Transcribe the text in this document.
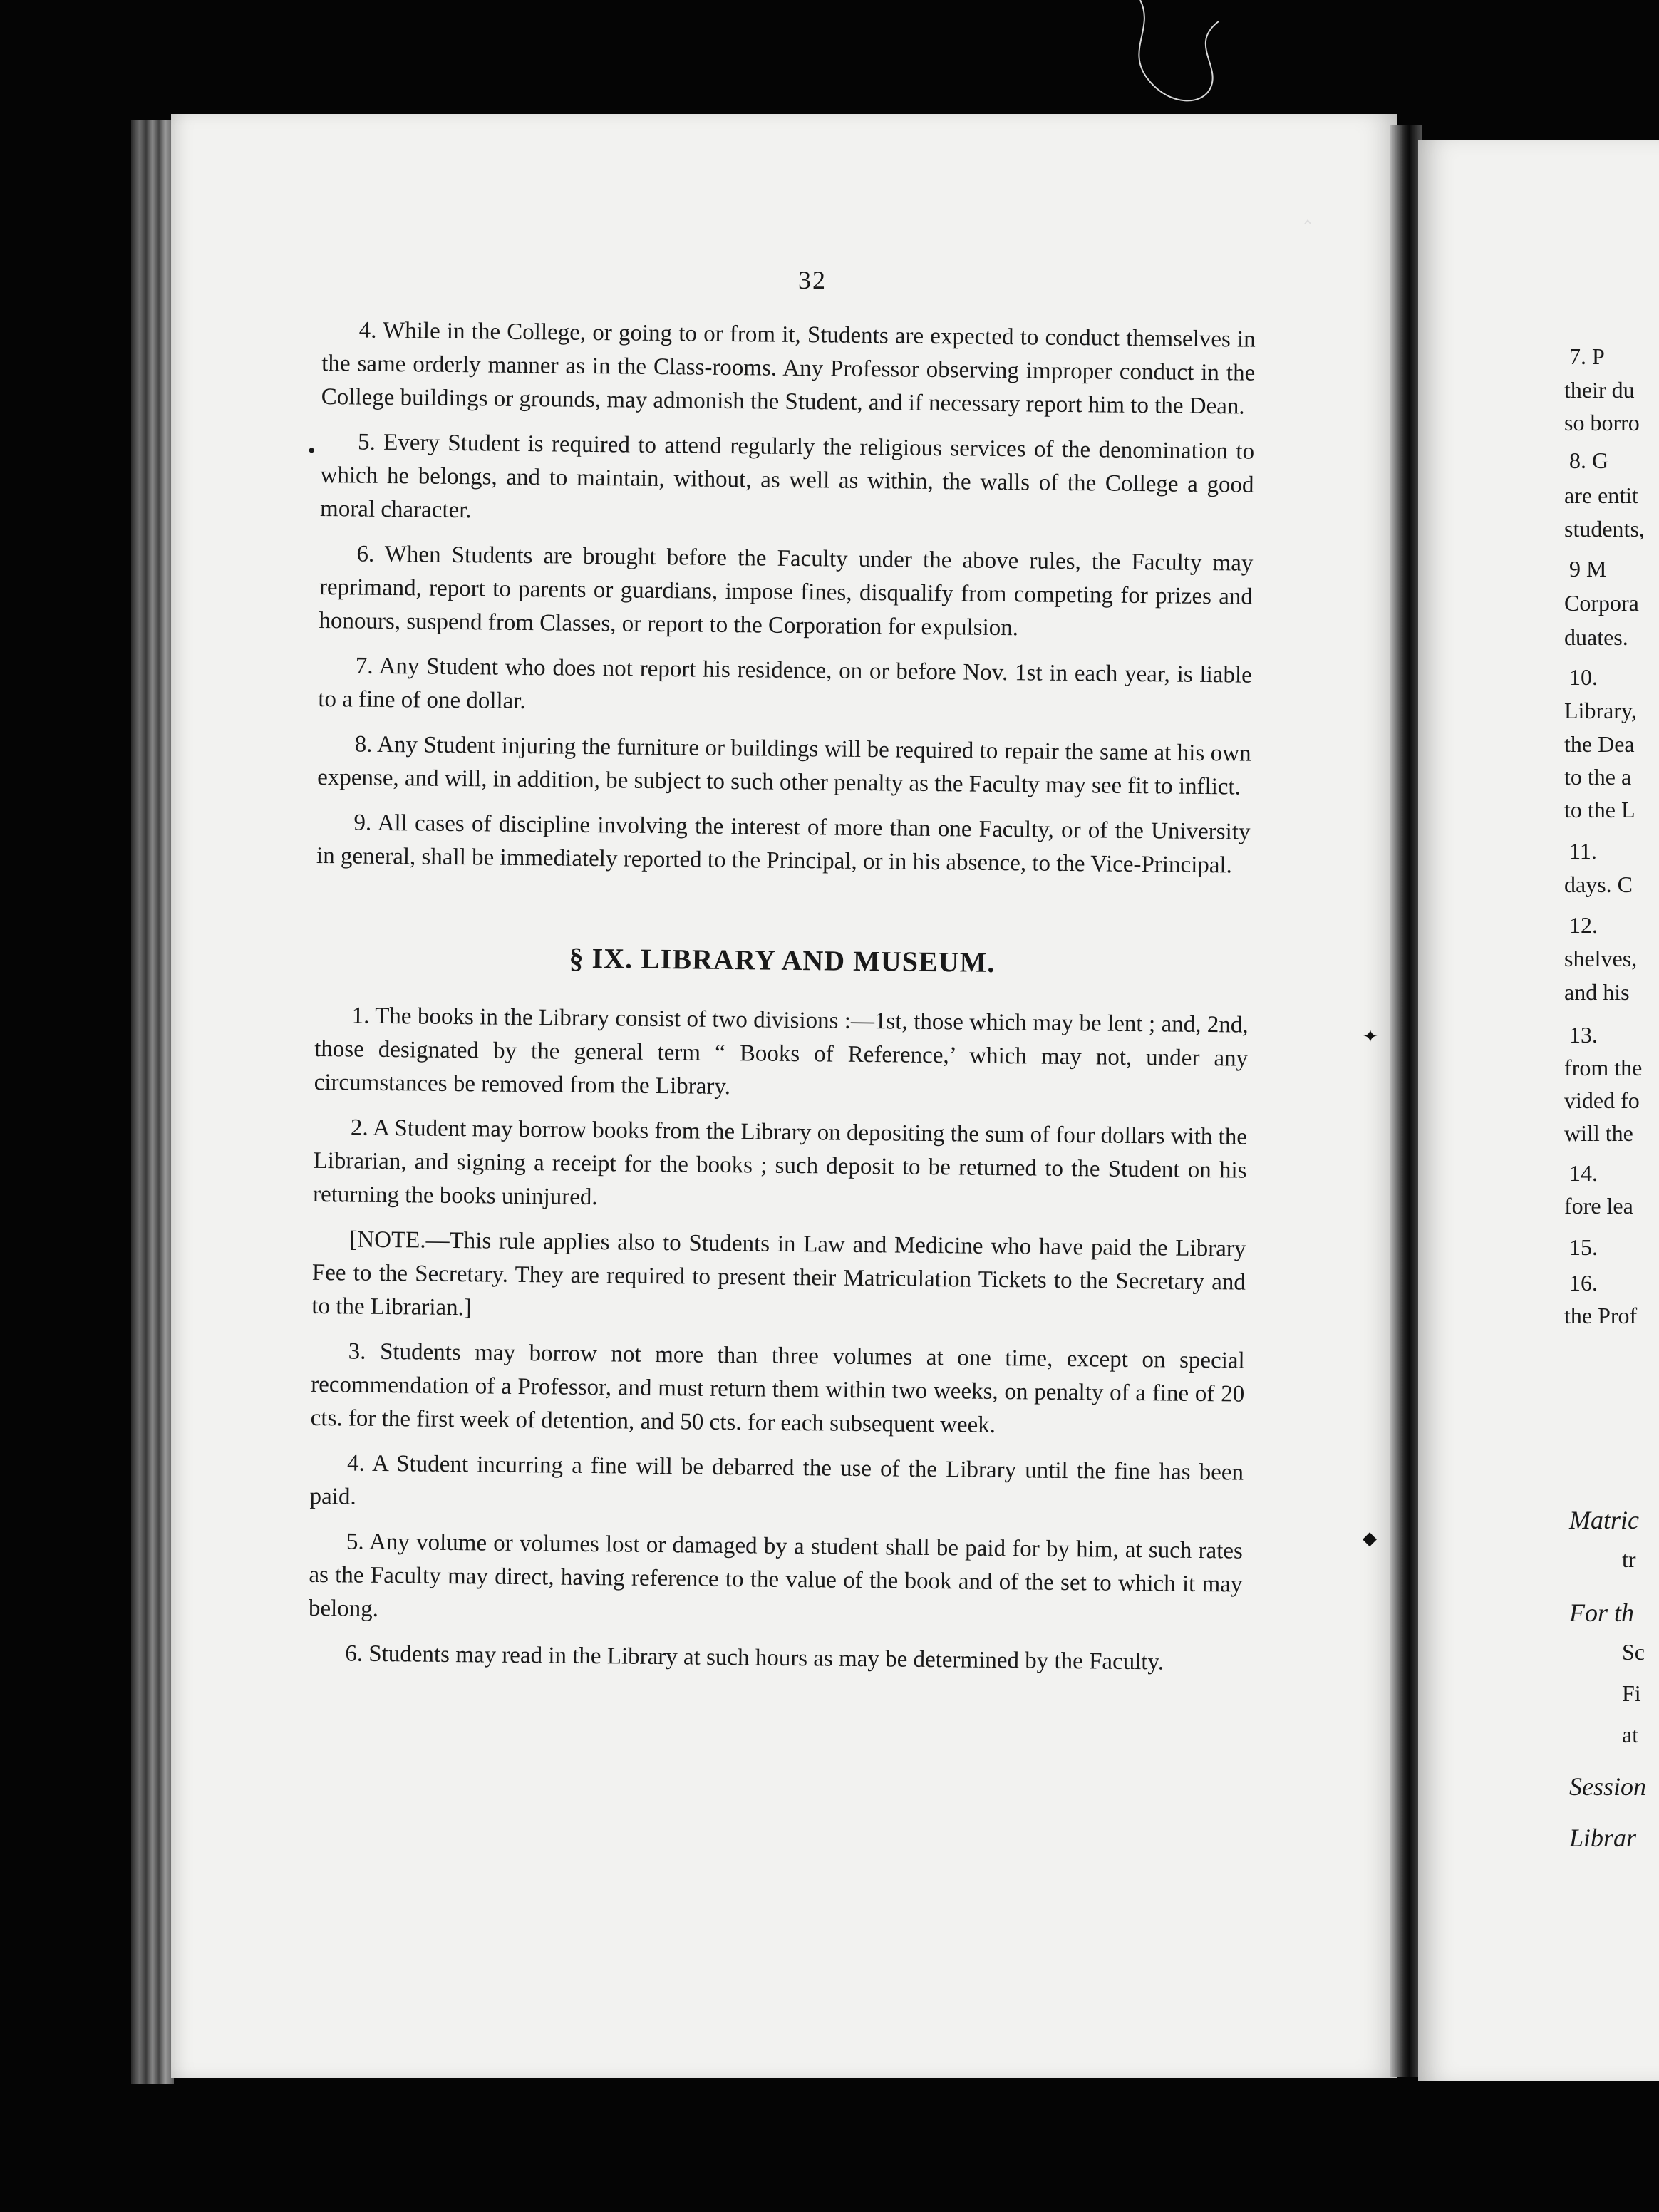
‸
✦
◆
32

4. While in the College, or going to or from it, Students are expected to conduct themselves in the same orderly manner as in the Class-rooms. Any Professor observing improper conduct in the College buildings or grounds, may admonish the Student, and if necessary report him to the Dean.

• 5. Every Student is required to attend regularly the religious services of the denomination to which he belongs, and to maintain, without, as well as within, the walls of the College a good moral character.

6. When Students are brought before the Faculty under the above rules, the Faculty may reprimand, report to parents or guardians, impose fines, disqualify from competing for prizes and honours, suspend from Classes, or report to the Corporation for expulsion.

7. Any Student who does not report his residence, on or before Nov. 1st in each year, is liable to a fine of one dollar.

8. Any Student injuring the furniture or buildings will be required to repair the same at his own expense, and will, in addition, be subject to such other penalty as the Faculty may see fit to inflict.

9. All cases of discipline involving the interest of more than one Faculty, or of the University in general, shall be immediately reported to the Principal, or in his absence, to the Vice-Principal.

§ IX. LIBRARY AND MUSEUM.

1. The books in the Library consist of two divisions :—1st, those which may be lent ; and, 2nd, those designated by the general term “ Books of Reference,’ which may not, under any circumstances be removed from the Library.

2. A Student may borrow books from the Library on depositing the sum of four dollars with the Librarian, and signing a receipt for the books ; such deposit to be returned to the Student on his returning the books uninjured.

[NOTE.—This rule applies also to Students in Law and Medicine who have paid the Library Fee to the Secretary. They are required to present their Matriculation Tickets to the Secretary and to the Librarian.]

3. Students may borrow not more than three volumes at one time, except on special recommendation of a Professor, and must return them within two weeks, on penalty of a fine of 20 cts. for the first week of detention, and 50 cts. for each subsequent week.

4. A Student incurring a fine will be debarred the use of the Library until the fine has been paid.

5. Any volume or volumes lost or damaged by a student shall be paid for by him, at such rates as the Faculty may direct, having reference to the value of the book and of the set to which it may belong.

6. Students may read in the Library at such hours as may be determined by the Faculty.

7. P
their du
so borro
8. G
are entit
students,
9 M
Corpora
duates.
10.
Library,
the Dea
to the a
to the L
11.
days. C
12.
shelves,
and his
13.
from the
vided fo
will the
14.
fore lea
15.
16.
the Prof
Matric
tr
For th
Sc
Fi
at
Session
Librar
